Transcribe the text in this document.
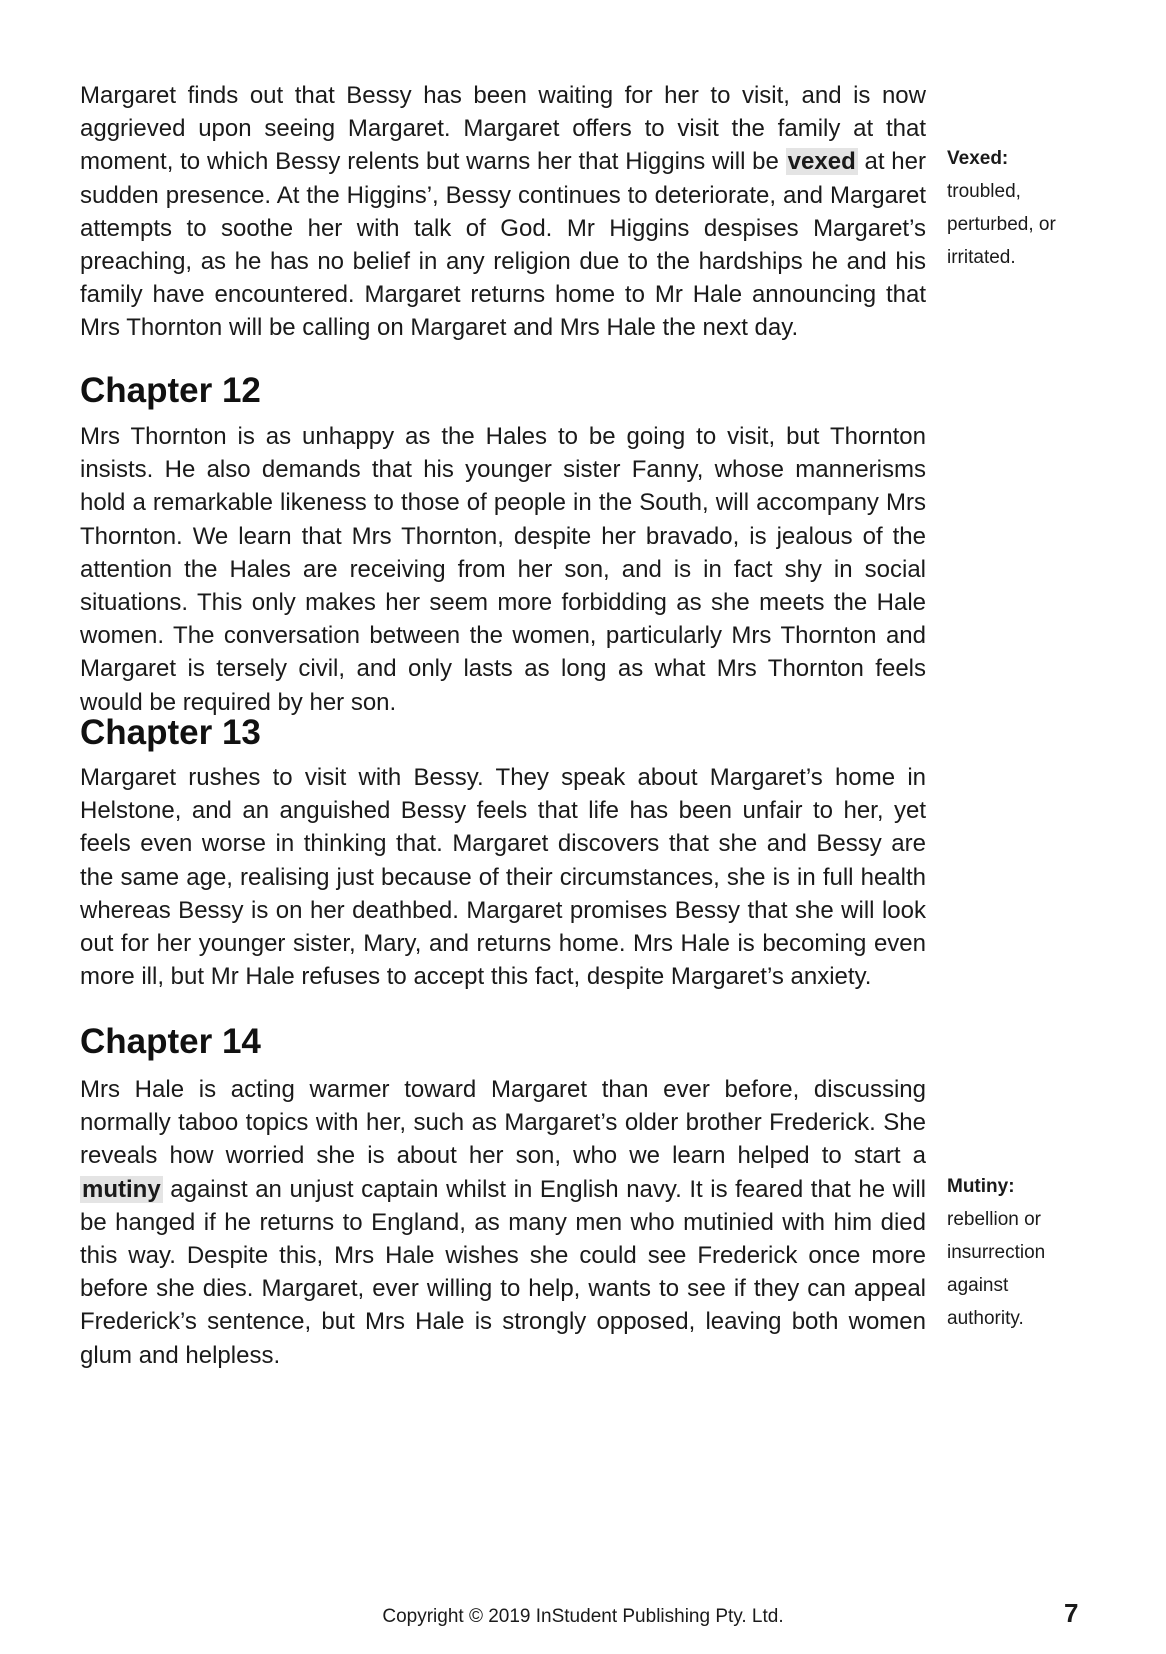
Margaret finds out that Bessy has been waiting for her to visit, and is now aggrieved upon seeing Margaret. Margaret offers to visit the family at that moment, to which Bessy relents but warns her that Higgins will be vexed at her sudden presence. At the Higgins’, Bessy continues to deteriorate, and Margaret attempts to soothe her with talk of God. Mr Higgins despises Margaret’s preaching, as he has no belief in any religion due to the hardships he and his family have encountered. Margaret returns home to Mr Hale announcing that Mrs Thornton will be calling on Margaret and Mrs Hale the next day.

Vexed:
troubled, perturbed, or irritated.
Chapter 12

Mrs Thornton is as unhappy as the Hales to be going to visit, but Thornton insists. He also demands that his younger sister Fanny, whose mannerisms hold a remarkable likeness to those of people in the South, will accompany Mrs Thornton. We learn that Mrs Thornton, despite her bravado, is jealous of the attention the Hales are receiving from her son, and is in fact shy in social situations. This only makes her seem more forbidding as she meets the Hale women. The conversation between the women, particularly Mrs Thornton and Margaret is tersely civil, and only lasts as long as what Mrs Thornton feels would be required by her son.

Chapter 13

Margaret rushes to visit with Bessy. They speak about Margaret’s home in Helstone, and an anguished Bessy feels that life has been unfair to her, yet feels even worse in thinking that. Margaret discovers that she and Bessy are the same age, realising just because of their circumstances, she is in full health whereas Bessy is on her deathbed. Margaret promises Bessy that she will look out for her younger sister, Mary, and returns home. Mrs Hale is becoming even more ill, but Mr Hale refuses to accept this fact, despite Margaret’s anxiety.

Chapter 14

Mrs Hale is acting warmer toward Margaret than ever before, discussing normally taboo topics with her, such as Margaret’s older brother Frederick. She reveals how worried she is about her son, who we learn helped to start a mutiny against an unjust captain whilst in English navy. It is feared that he will be hanged if he returns to England, as many men who mutinied with him died this way. Despite this, Mrs Hale wishes she could see Frederick once more before she dies. Margaret, ever willing to help, wants to see if they can appeal Frederick’s sentence, but Mrs Hale is strongly opposed, leaving both women glum and helpless.

Mutiny:
rebellion or insurrection against authority.
Copyright © 2019 InStudent Publishing Pty. Ltd.	7
